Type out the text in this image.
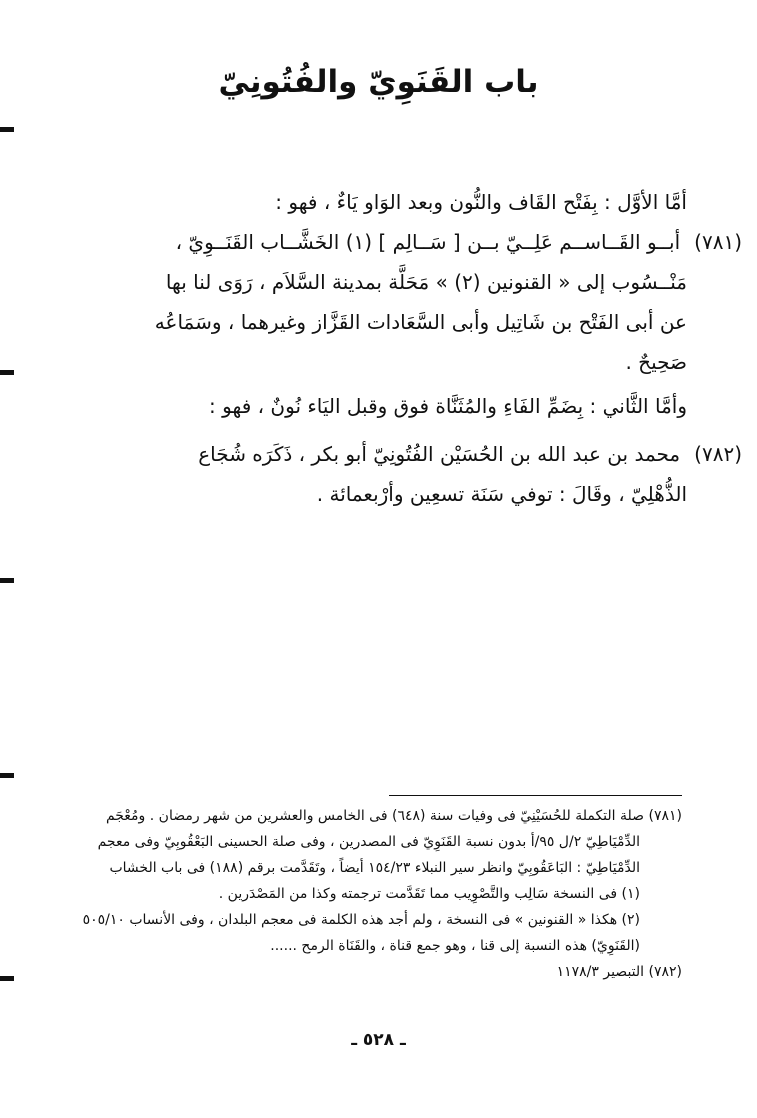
باب القَنَوِيّ والفُتُونِيّ
أمَّا الأوَّل : بِفَتْح القَاف والنُّون وبعد الوَاو يَاءٌ ، فهو :
(٧٨١)أبــو القَــاســم عَلِــيّ بــن [ سَــالِم ] (١) الخَشَّــاب القَنَــوِيّ ،
مَنْــسُوب إلى « القنونين (٢) » مَحَلَّة بمدينة السَّلاَم ، رَوَى لنا بها
عن أبى الفَتْح بن شَاتِيل وأبى السَّعَادات القَزَّاز وغيرهما ، وسَمَاعُه
صَحِيحٌ .
وأمَّا الثَّاني : بِضَمِّ الفَاءِ والمُثَنَّاة فوق وقبل اليَاء نُونٌ ، فهو :
(٧٨٢)محمد بن عبد الله بن الحُسَيْن الفُتُونِيّ أبو بكر ، ذَكَرَه شُجَاع
الذُّهْلِيّ ، وقَالَ : توفي سَنَة تسعِين وأرْبعمائة .
(٧٨١) صلة التكملة للحُسَيْنِيّ فى وفيات سنة (٦٤٨) فى الخامس والعشرين من شهر رمضان . ومُعْجَم
الدِّمْيَاطِيّ ٢/ل ٩٥/أ بدون نسبة القَنَوِيّ فى المصدرين ، وفى صلة الحسينى البَعْقُوبِيّ وفى معجم
الدِّمْيَاطِيّ : البَاعَقُوبِيّ وانظر سير النبلاء ١٥٤/٢٣ أيضاً ، وتَقَدَّمت برقم (١٨٨) فى باب الخشاب
(١) فى النسخة سَالِب والتَّصْوِيب مما تَقَدَّمت ترجمته وكذا من المَصْدَرين .
(٢) هكذا « القنونين » فى النسخة ، ولم أجد هذه الكلمة فى معجم البلدان ، وفى الأنساب ٥٠٥/١٠
(القَنَوِيّ) هذه النسبة إلى قنا ، وهو جمع قناة ، والقَنَاة الرمح ......
(٧٨٢) التبصير ١١٧٨/٣
ـ ٥٢٨ ـ
